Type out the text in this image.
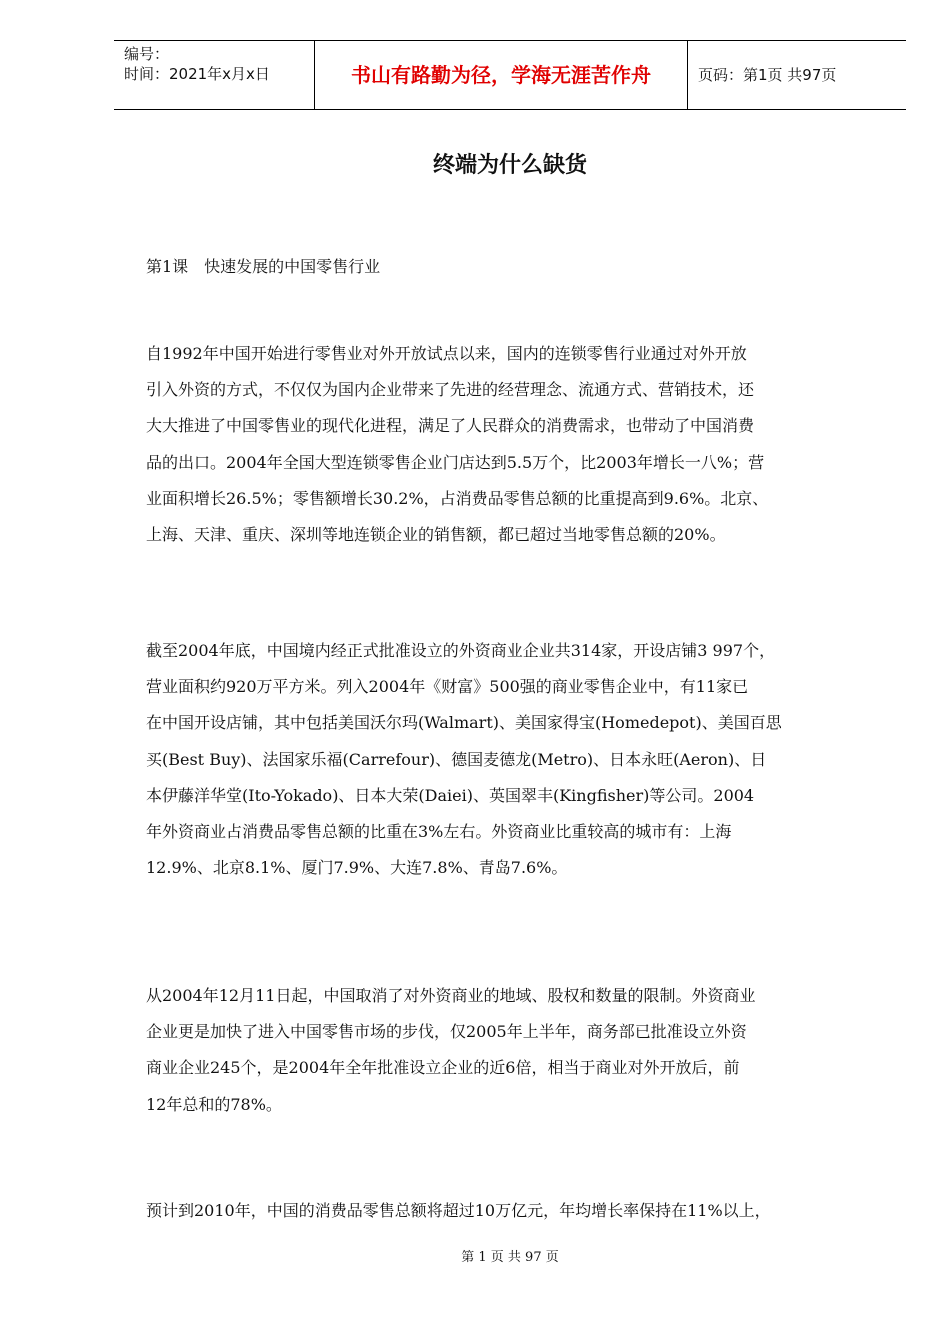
编号：
时间：2021年x月x日	书山有路勤为径，学海无涯苦作舟	页码：第1页 共97页
终端为什么缺货
第1课　快速发展的中国零售行业
自1992年中国开始进行零售业对外开放试点以来，国内的连锁零售行业通过对外开放
引入外资的方式，不仅仅为国内企业带来了先进的经营理念、流通方式、营销技术，还
大大推进了中国零售业的现代化进程，满足了人民群众的消费需求，也带动了中国消费
品的出口。2004年全国大型连锁零售企业门店达到5.5万个，比2003年增长一八%；营
业面积增长26.5%；零售额增长30.2%，占消费品零售总额的比重提高到9.6%。北京、
上海、天津、重庆、深圳等地连锁企业的销售额，都已超过当地零售总额的20%。
截至2004年底，中国境内经正式批准设立的外资商业企业共314家，开设店铺3 997个，
营业面积约920万平方米。列入2004年《财富》500强的商业零售企业中，有11家已
在中国开设店铺，其中包括美国沃尔玛(Walmart)、美国家得宝(Homedepot)、美国百思
买(Best Buy)、法国家乐福(Carrefour)、德国麦德龙(Metro)、日本永旺(Aeron)、日
本伊藤洋华堂(Ito-Yokado)、日本大荣(Daiei)、英国翠丰(Kingfisher)等公司。2004
年外资商业占消费品零售总额的比重在3%左右。外资商业比重较高的城市有：上海
12.9%、北京8.1%、厦门7.9%、大连7.8%、青岛7.6%。
从2004年12月11日起，中国取消了对外资商业的地域、股权和数量的限制。外资商业
企业更是加快了进入中国零售市场的步伐，仅2005年上半年，商务部已批准设立外资
商业企业245个，是2004年全年批准设立企业的近6倍，相当于商业对外开放后，前
12年总和的78%。
预计到2010年，中国的消费品零售总额将超过10万亿元，年均增长率保持在11%以上，
第 1 页 共 97 页
